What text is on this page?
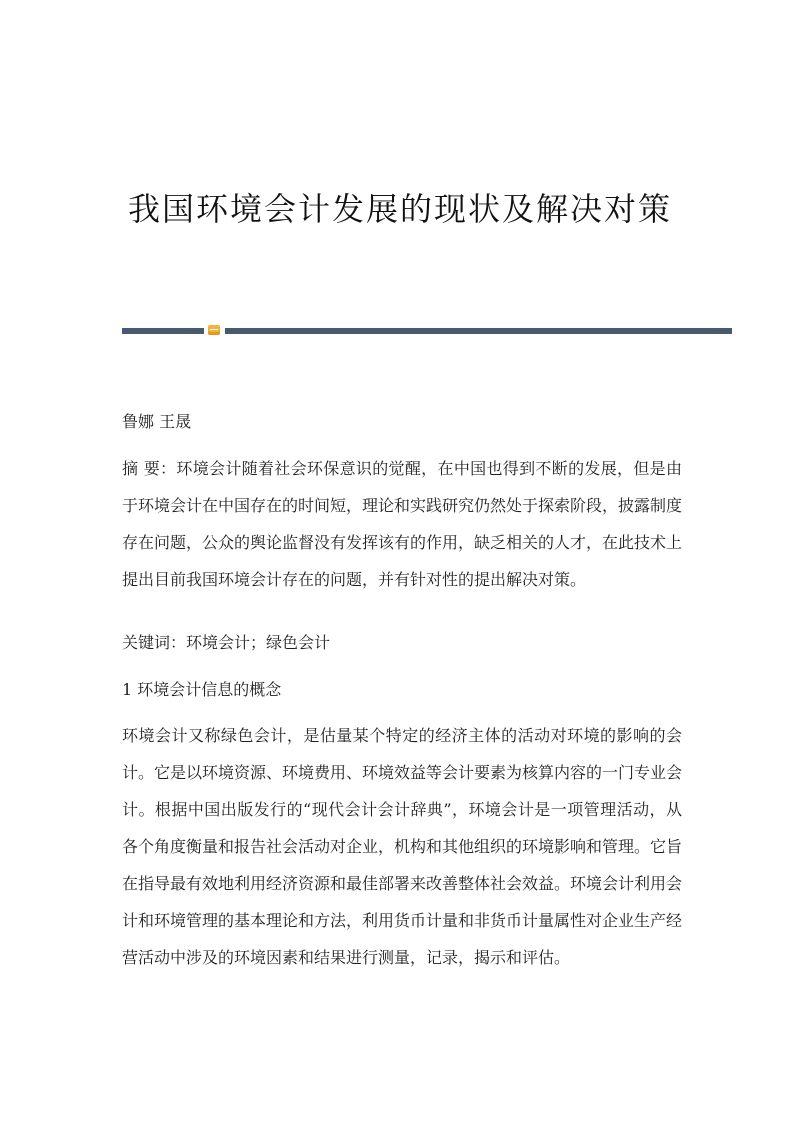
我国环境会计发展的现状及解决对策
鲁娜 王晟
摘 要：环境会计随着社会环保意识的觉醒，在中国也得到不断的发展，但是由于环境会计在中国存在的时间短，理论和实践研究仍然处于探索阶段，披露制度存在问题，公众的舆论监督没有发挥该有的作用，缺乏相关的人才，在此技术上提出目前我国环境会计存在的问题，并有针对性的提出解决对策。
关键词：环境会计；绿色会计
1 环境会计信息的概念
环境会计又称绿色会计，是估量某个特定的经济主体的活动对环境的影响的会计。它是以环境资源、环境费用、环境效益等会计要素为核算内容的一门专业会计。根据中国出版发行的“现代会计会计辞典”，环境会计是一项管理活动，从各个角度衡量和报告社会活动对企业，机构和其他组织的环境影响和管理。它旨在指导最有效地利用经济资源和最佳部署来改善整体社会效益。环境会计利用会计和环境管理的基本理论和方法，利用货币计量和非货币计量属性对企业生产经营活动中涉及的环境因素和结果进行测量，记录，揭示和评估。
